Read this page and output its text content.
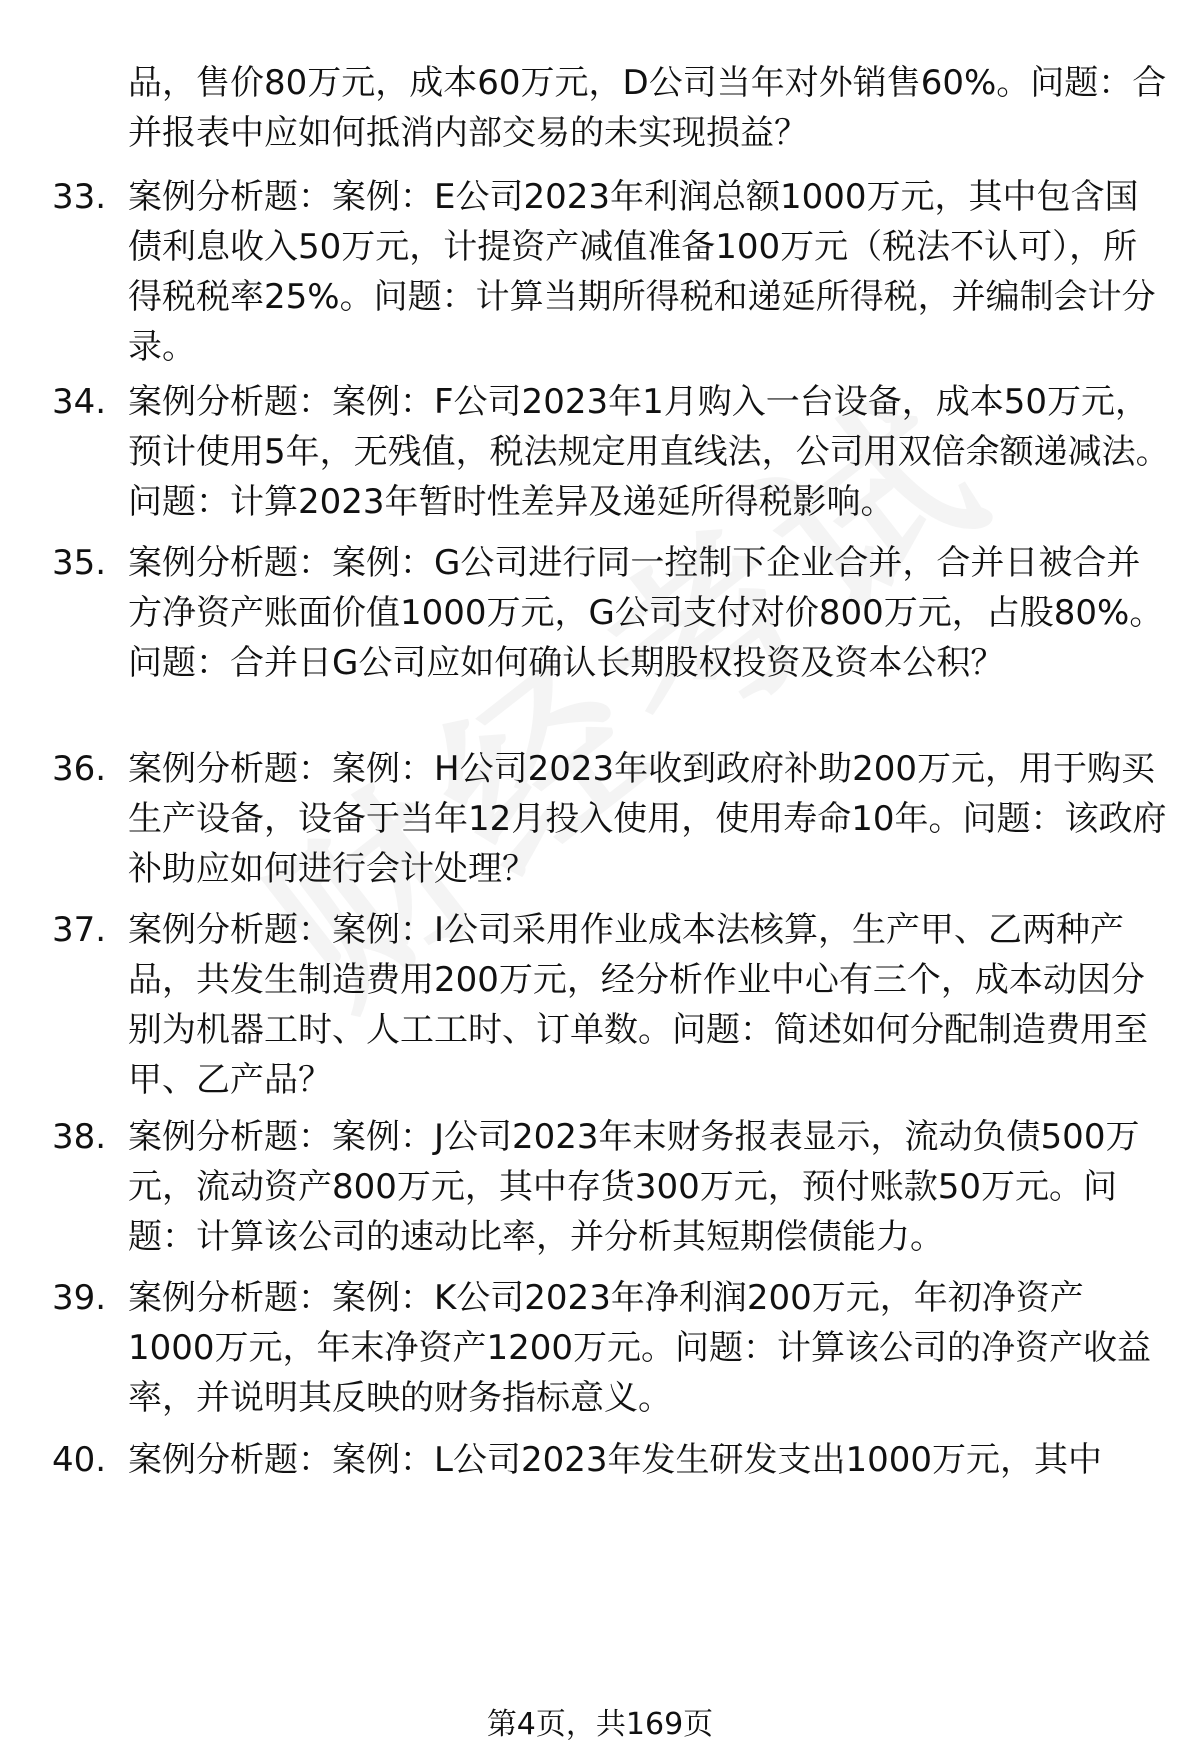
品，售价80万元，成本60万元，D公司当年对外销售60%。问题：合并报表中应如何抵消内部交易的未实现损益？
33. 案例分析题：案例：E公司2023年利润总额1000万元，其中包含国债利息收入50万元，计提资产减值准备100万元（税法不认可），所得税税率25%。问题：计算当期所得税和递延所得税，并编制会计分录。
34. 案例分析题：案例：F公司2023年1月购入一台设备，成本50万元，预计使用5年，无残值，税法规定用直线法，公司用双倍余额递减法。问题：计算2023年暂时性差异及递延所得税影响。
35. 案例分析题：案例：G公司进行同一控制下企业合并，合并日被合并方净资产账面价值1000万元，G公司支付对价800万元，占股80%。问题：合并日G公司应如何确认长期股权投资及资本公积？
36. 案例分析题：案例：H公司2023年收到政府补助200万元，用于购买生产设备，设备于当年12月投入使用，使用寿命10年。问题：该政府补助应如何进行会计处理？
37. 案例分析题：案例：I公司采用作业成本法核算，生产甲、乙两种产品，共发生制造费用200万元，经分析作业中心有三个，成本动因分别为机器工时、人工工时、订单数。问题：简述如何分配制造费用至甲、乙产品？
38. 案例分析题：案例：J公司2023年末财务报表显示，流动负债500万元，流动资产800万元，其中存货300万元，预付账款50万元。问题：计算该公司的速动比率，并分析其短期偿债能力。
39. 案例分析题：案例：K公司2023年净利润200万元，年初净资产1000万元，年末净资产1200万元。问题：计算该公司的净资产收益率，并说明其反映的财务指标意义。
40. 案例分析题：案例：L公司2023年发生研发支出1000万元，其中
第4页，共169页
